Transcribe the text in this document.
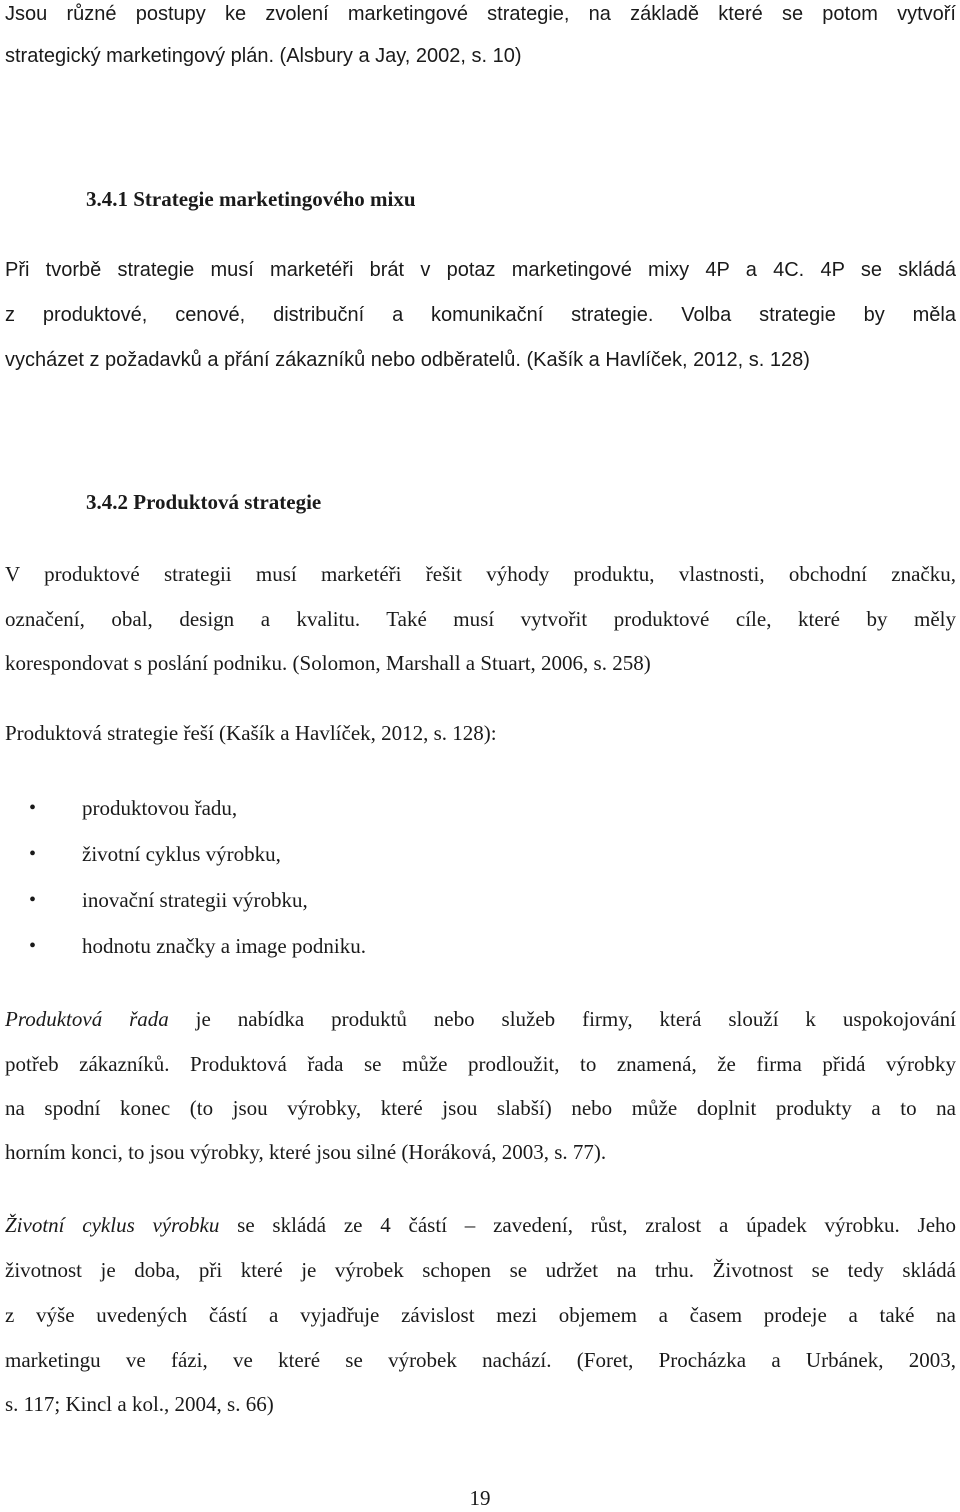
Jsou různé postupy ke zvolení marketingové strategie, na základě které se potom vytvoří
strategický marketingový plán. (Alsbury a Jay, 2002, s. 10)
3.4.1 Strategie marketingového mixu
Při tvorbě strategie musí marketéři brát v potaz marketingové mixy 4P a 4C. 4P se skládá
z produktové, cenové, distribuční a komunikační strategie. Volba strategie by měla
vycházet z požadavků a přání zákazníků nebo odběratelů. (Kašík a Havlíček, 2012, s. 128)
3.4.2 Produktová strategie
V produktové strategii musí marketéři řešit výhody produktu, vlastnosti, obchodní značku,
označení, obal, design a kvalitu. Také musí vytvořit produktové cíle, které by měly
korespondovat s poslání podniku. (Solomon, Marshall a Stuart, 2006, s. 258)
Produktová strategie řeší (Kašík a Havlíček, 2012, s. 128):
• produktovou řadu,
• životní cyklus výrobku,
• inovační strategii výrobku,
• hodnotu značky a image podniku.
Produktová řada je nabídka produktů nebo služeb firmy, která slouží k uspokojování
potřeb zákazníků. Produktová řada se může prodloužit, to znamená, že firma přidá výrobky
na spodní konec (to jsou výrobky, které jsou slabší) nebo může doplnit produkty a to na
horním konci, to jsou výrobky, které jsou silné (Horáková, 2003, s. 77).
Životní cyklus výrobku se skládá ze 4 částí – zavedení, růst, zralost a úpadek výrobku. Jeho
životnost je doba, při které je výrobek schopen se udržet na trhu. Životnost se tedy skládá
z výše uvedených částí a vyjadřuje závislost mezi objemem a časem prodeje a také na
marketingu ve fázi, ve které se výrobek nachází. (Foret, Procházka a Urbánek, 2003,
s. 117; Kincl a kol., 2004, s. 66)
19
